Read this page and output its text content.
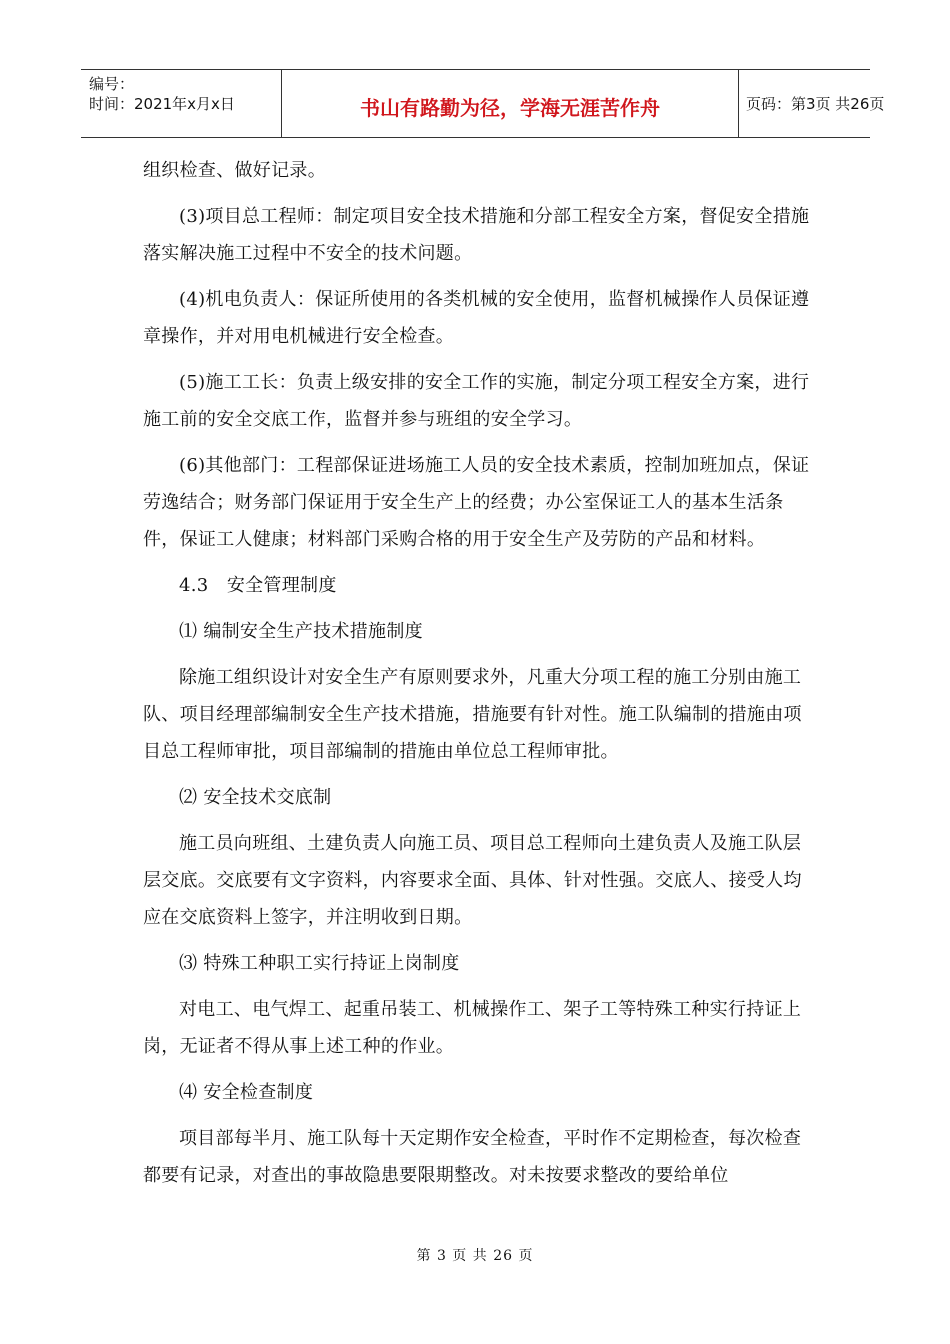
编号：
时间：2021年x月x日	书山有路勤为径，学海无涯苦作舟	页码：第3页 共26页

组织检查、做好记录。

(3)项目总工程师：制定项目安全技术措施和分部工程安全方案，督促安全措施落实解决施工过程中不安全的技术问题。

(4)机电负责人：保证所使用的各类机械的安全使用，监督机械操作人员保证遵章操作，并对用电机械进行安全检查。

(5)施工工长：负责上级安排的安全工作的实施，制定分项工程安全方案，进行施工前的安全交底工作，监督并参与班组的安全学习。

(6)其他部门：工程部保证进场施工人员的安全技术素质，控制加班加点，保证劳逸结合；财务部门保证用于安全生产上的经费；办公室保证工人的基本生活条件，保证工人健康；材料部门采购合格的用于安全生产及劳防的产品和材料。

4.3　安全管理制度

⑴ 编制安全生产技术措施制度

除施工组织设计对安全生产有原则要求外，凡重大分项工程的施工分别由施工队、项目经理部编制安全生产技术措施，措施要有针对性。施工队编制的措施由项目总工程师审批，项目部编制的措施由单位总工程师审批。

⑵ 安全技术交底制

施工员向班组、土建负责人向施工员、项目总工程师向土建负责人及施工队层层交底。交底要有文字资料，内容要求全面、具体、针对性强。交底人、接受人均应在交底资料上签字，并注明收到日期。

⑶ 特殊工种职工实行持证上岗制度

对电工、电气焊工、起重吊装工、机械操作工、架子工等特殊工种实行持证上岗，无证者不得从事上述工种的作业。

⑷ 安全检查制度

项目部每半月、施工队每十天定期作安全检查，平时作不定期检查，每次检查都要有记录，对查出的事故隐患要限期整改。对未按要求整改的要给单位

第 3 页 共 26 页
